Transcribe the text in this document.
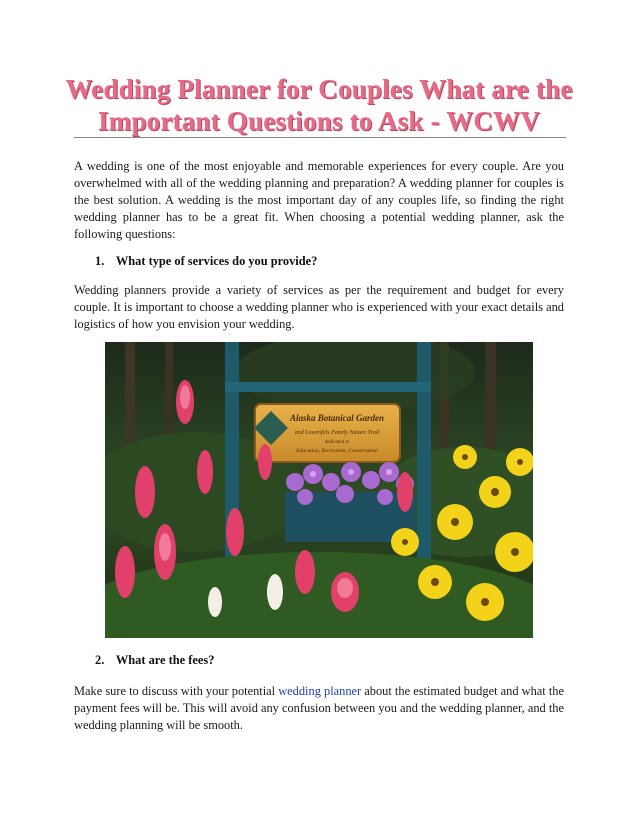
Wedding Planner for Couples What are the Important Questions to Ask - WCWV

A wedding is one of the most enjoyable and memorable experiences for every couple. Are you overwhelmed with all of the wedding planning and preparation? A wedding planner for couples is the best solution. A wedding is the most important day of any couples life, so finding the right wedding planner has to be a great fit. When choosing a potential wedding planner, ask the following questions:

1. What type of services do you provide?

Wedding planners provide a variety of services as per the requirement and budget for every couple. It is important to choose a wedding planner who is experienced with your exact details and logistics of how you envision your wedding.

Alaska Botanical Garden
and Lowenfels Family Nature Trail
dedicated to
Education, Recreation, Conservation
2. What are the fees?

Make sure to discuss with your potential wedding planner about the estimated budget and what the payment fees will be. This will avoid any confusion between you and the wedding planner, and the wedding planning will be smooth.
